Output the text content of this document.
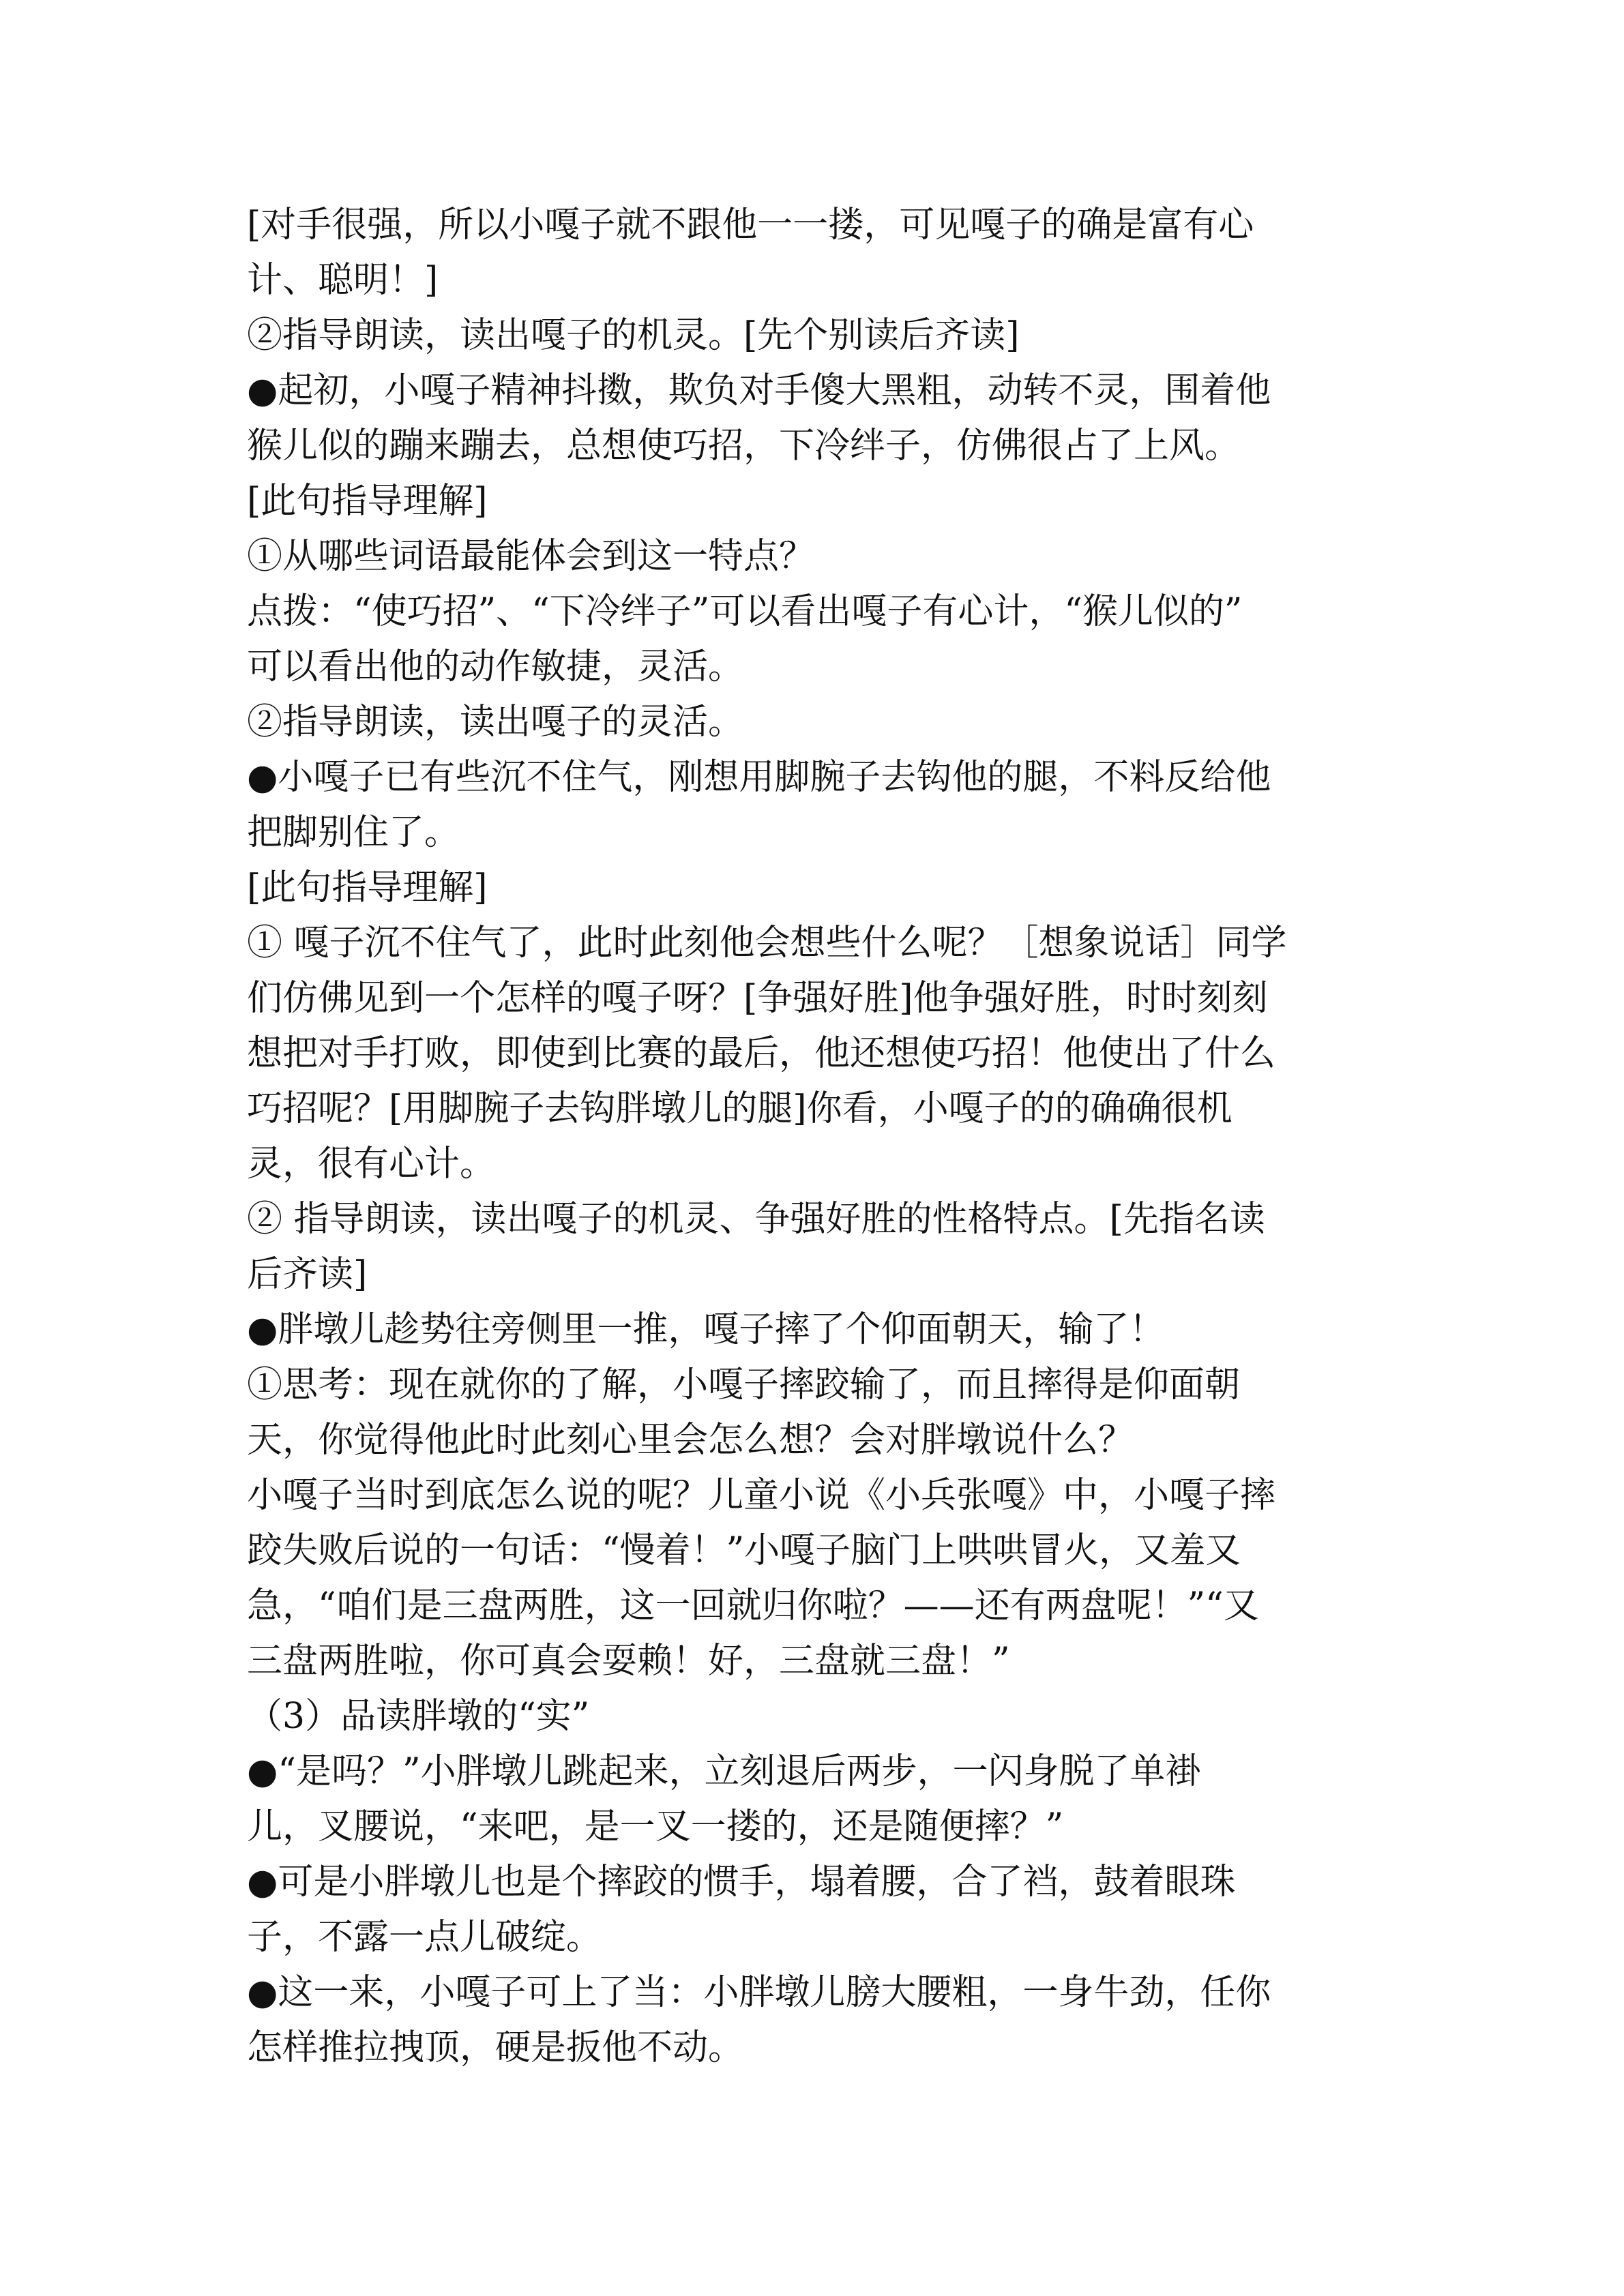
[对手很强，所以小嘎子就不跟他一一搂，可见嘎子的确是富有心
计、聪明！]
②指导朗读，读出嘎子的机灵。[先个别读后齐读]
●起初，小嘎子精神抖擞，欺负对手傻大黑粗，动转不灵，围着他
猴儿似的蹦来蹦去，总想使巧招，下冷绊子，仿佛很占了上风。
[此句指导理解]
①从哪些词语最能体会到这一特点？
点拨：“使巧招”、“下冷绊子”可以看出嘎子有心计，“猴儿似的”
可以看出他的动作敏捷，灵活。
②指导朗读，读出嘎子的灵活。
●小嘎子已有些沉不住气，刚想用脚腕子去钩他的腿，不料反给他
把脚别住了。
[此句指导理解]
① 嘎子沉不住气了，此时此刻他会想些什么呢？［想象说话］同学
们仿佛见到一个怎样的嘎子呀？[争强好胜]他争强好胜，时时刻刻
想把对手打败，即使到比赛的最后，他还想使巧招！他使出了什么
巧招呢？[用脚腕子去钩胖墩儿的腿]你看，小嘎子的的确确很机
灵，很有心计。
② 指导朗读，读出嘎子的机灵、争强好胜的性格特点。[先指名读
后齐读]
●胖墩儿趁势往旁侧里一推，嘎子摔了个仰面朝天，输了！
①思考：现在就你的了解，小嘎子摔跤输了，而且摔得是仰面朝
天，你觉得他此时此刻心里会怎么想？会对胖墩说什么？
小嘎子当时到底怎么说的呢？儿童小说《小兵张嘎》中，小嘎子摔
跤失败后说的一句话：“慢着！”小嘎子脑门上哄哄冒火，又羞又
急，“咱们是三盘两胜，这一回就归你啦？——还有两盘呢！”“又
三盘两胜啦，你可真会耍赖！好，三盘就三盘！”
（3）品读胖墩的“实”
●“是吗？”小胖墩儿跳起来，立刻退后两步，一闪身脱了单褂
儿，叉腰说，“来吧，是一叉一搂的，还是随便摔？”
●可是小胖墩儿也是个摔跤的惯手，塌着腰，合了裆，鼓着眼珠
子，不露一点儿破绽。
●这一来，小嘎子可上了当：小胖墩儿膀大腰粗，一身牛劲，任你
怎样推拉拽顶，硬是扳他不动。
